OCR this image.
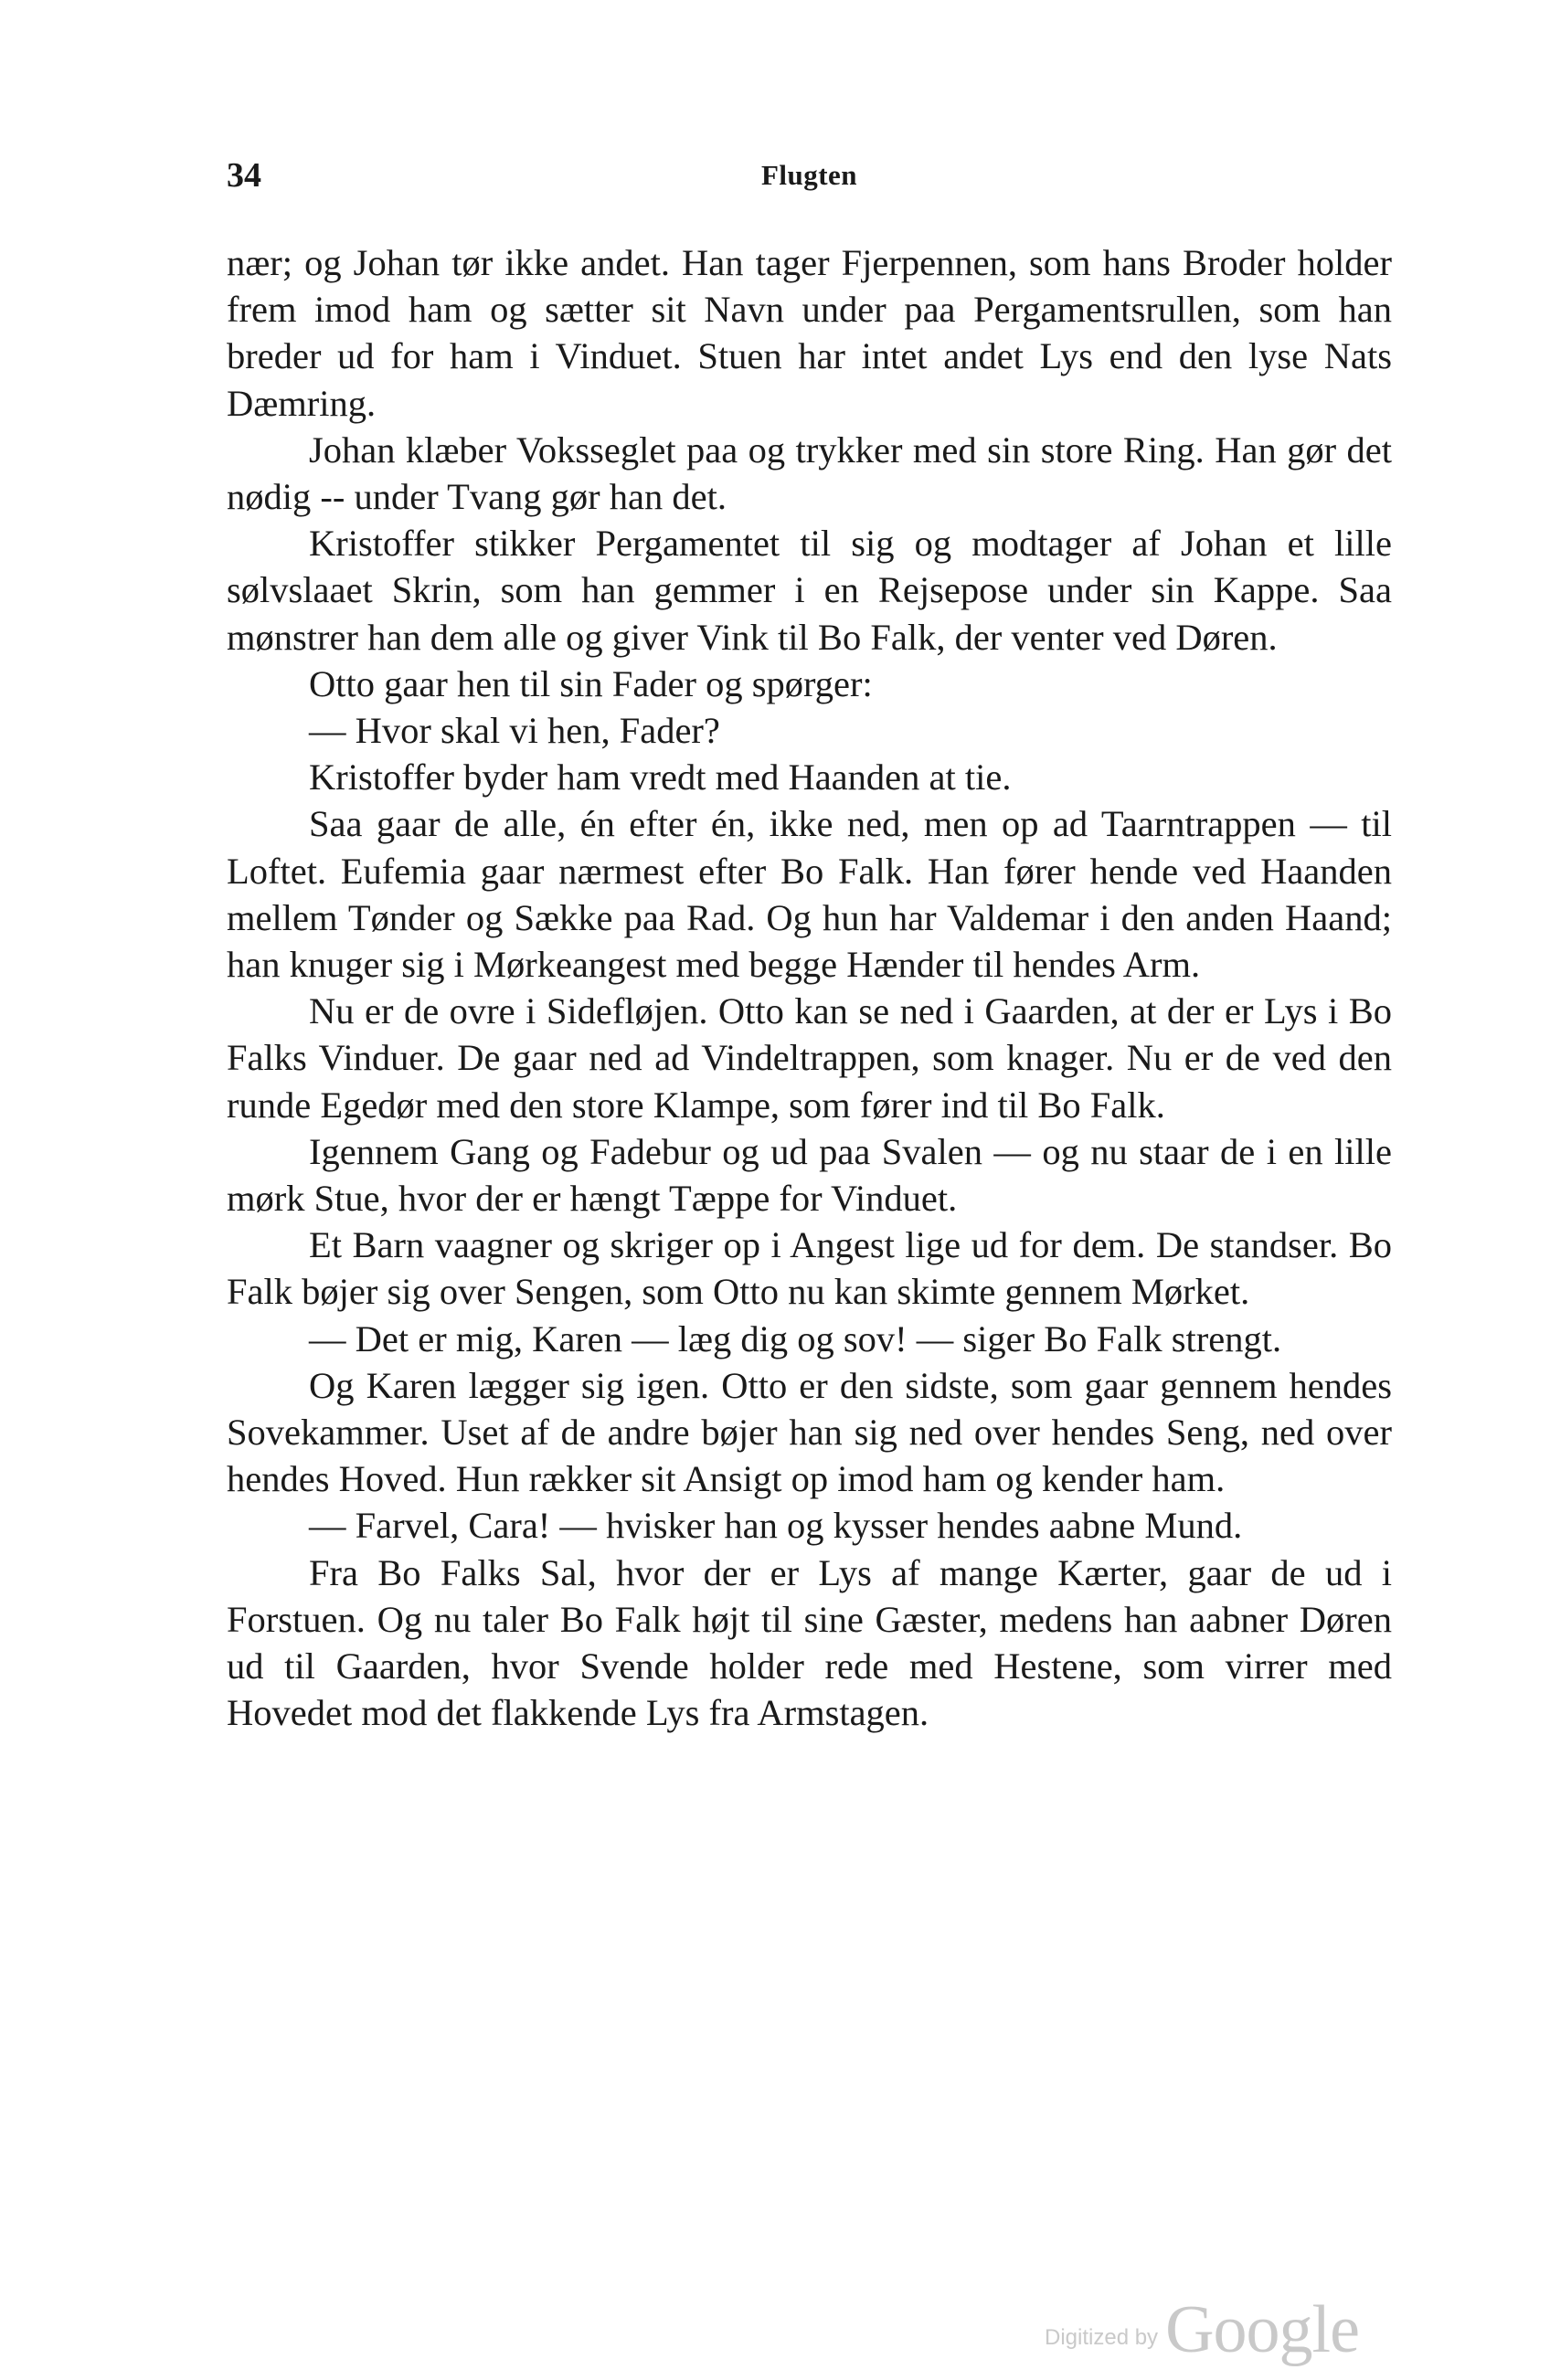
34	Flugten

nær; og Johan tør ikke andet. Han tager Fjerpennen, som hans Broder holder frem imod ham og sætter sit Navn under paa Pergamentsrullen, som han breder ud for ham i Vinduet. Stuen har intet andet Lys end den lyse Nats Dæmring.

Johan klæber Voksseglet paa og trykker med sin store Ring. Han gør det nødig -- under Tvang gør han det.

Kristoffer stikker Pergamentet til sig og modtager af Johan et lille sølvslaaet Skrin, som han gemmer i en Rejsepose under sin Kappe. Saa mønstrer han dem alle og giver Vink til Bo Falk, der venter ved Døren.

Otto gaar hen til sin Fader og spørger:

— Hvor skal vi hen, Fader?

Kristoffer byder ham vredt med Haanden at tie.

Saa gaar de alle, én efter én, ikke ned, men op ad Taarntrappen — til Loftet. Eufemia gaar nærmest efter Bo Falk. Han fører hende ved Haanden mellem Tønder og Sække paa Rad. Og hun har Valdemar i den anden Haand; han knuger sig i Mørkeangest med begge Hænder til hendes Arm.

Nu er de ovre i Sidefløjen. Otto kan se ned i Gaarden, at der er Lys i Bo Falks Vinduer. De gaar ned ad Vindeltrappen, som knager. Nu er de ved den runde Egedør med den store Klampe, som fører ind til Bo Falk.

Igennem Gang og Fadebur og ud paa Svalen — og nu staar de i en lille mørk Stue, hvor der er hængt Tæppe for Vinduet.

Et Barn vaagner og skriger op i Angest lige ud for dem. De standser. Bo Falk bøjer sig over Sengen, som Otto nu kan skimte gennem Mørket.

— Det er mig, Karen — læg dig og sov! — siger Bo Falk strengt.

Og Karen lægger sig igen. Otto er den sidste, som gaar gennem hendes Sovekammer. Uset af de andre bøjer han sig ned over hendes Seng, ned over hendes Hoved. Hun rækker sit Ansigt op imod ham og kender ham.

— Farvel, Cara! — hvisker han og kysser hendes aabne Mund.

Fra Bo Falks Sal, hvor der er Lys af mange Kærter, gaar de ud i Forstuen. Og nu taler Bo Falk højt til sine Gæster, medens han aabner Døren ud til Gaarden, hvor Svende holder rede med Hestene, som virrer med Hovedet mod det flakkende Lys fra Armstagen.

Digitized by Google
